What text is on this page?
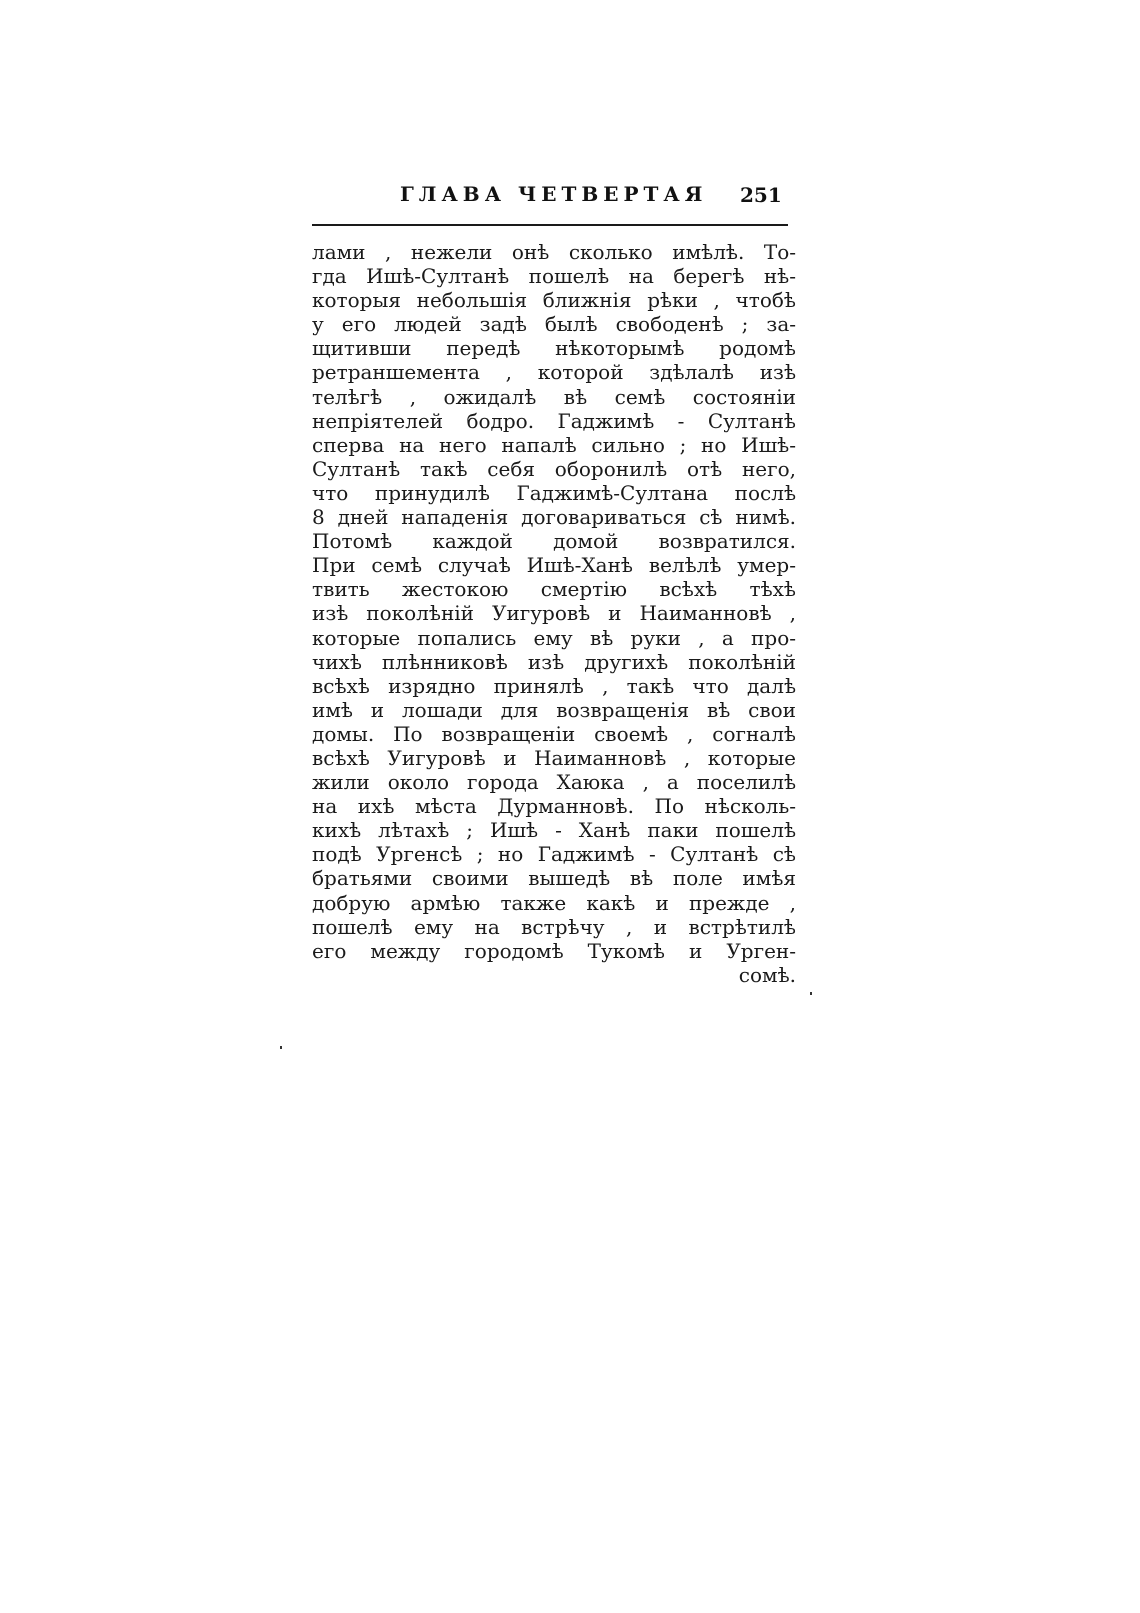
ГЛАВА ЧЕТВЕРТАЯ 251
лами , нежели онѣ сколько имѣлѣ. То-
гда Ишѣ-Султанѣ пошелѣ на берегѣ нѣ-
которыя небольшiя ближнiя рѣки , чтобѣ
у его людей задѣ былѣ свободенѣ ; за-
щитивши передѣ нѣкоторымѣ родомѣ
ретраншемента , которой здѣлалѣ изѣ
телѣгѣ , ожидалѣ вѣ семѣ состоянiи
непрiятелей бодро. Гаджимѣ - Султанѣ
сперва на него напалѣ сильно ; но Ишѣ-
Султанѣ такѣ себя оборонилѣ отѣ него,
что принудилѣ Гаджимѣ-Султана послѣ
8 дней нападенiя договариваться сѣ нимѣ.
Потомѣ каждой домой возвратился.
При семѣ случаѣ Ишѣ-Ханѣ велѣлѣ умер-
твить жестокою смертiю всѣхѣ тѣхѣ
изѣ поколѣнiй Уигуровѣ и Наиманновѣ ,
которые попались ему вѣ руки , а про-
чихѣ плѣнниковѣ изѣ другихѣ поколѣнiй
всѣхѣ изрядно принялѣ , такѣ что далѣ
имѣ и лошади для возвращенiя вѣ свои
домы. По возвращенiи своемѣ , согналѣ
всѣхѣ Уигуровѣ и Наиманновѣ , которые
жили около города Хаюка , а поселилѣ
на ихѣ мѣста Дурманновѣ. По нѣсколь-
кихѣ лѣтахѣ ; Ишѣ - Ханѣ паки пошелѣ
подѣ Ургенсѣ ; но Гаджимѣ - Султанѣ сѣ
братьями своими вышедѣ вѣ поле имѣя
добрую армѣю также какѣ и прежде ,
пошелѣ ему на встрѣчу , и встрѣтилѣ
его между городомѣ Тукомѣ и Урген-
сомѣ.
